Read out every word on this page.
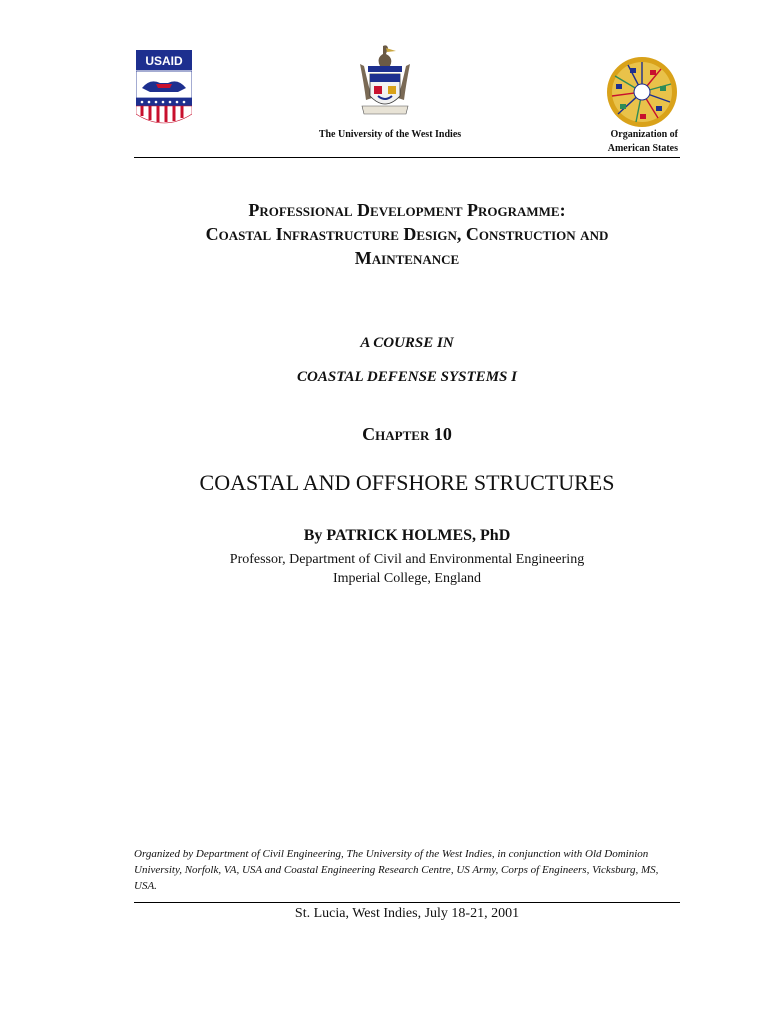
USAID
The University of the West Indies	Organization of
American States
Professional Development Programme:
Coastal Infrastructure Design, Construction and
Maintenance
A COURSE IN
COASTAL DEFENSE SYSTEMS I
Chapter 10
COASTAL AND OFFSHORE STRUCTURES
By PATRICK HOLMES, PhD
Professor, Department of Civil and Environmental Engineering
Imperial College, England
Organized by Department of Civil Engineering, The University of the West Indies, in conjunction with Old Dominion University, Norfolk, VA, USA and Coastal Engineering Research Centre, US Army, Corps of Engineers, Vicksburg, MS, USA.
St. Lucia, West Indies, July 18-21, 2001
